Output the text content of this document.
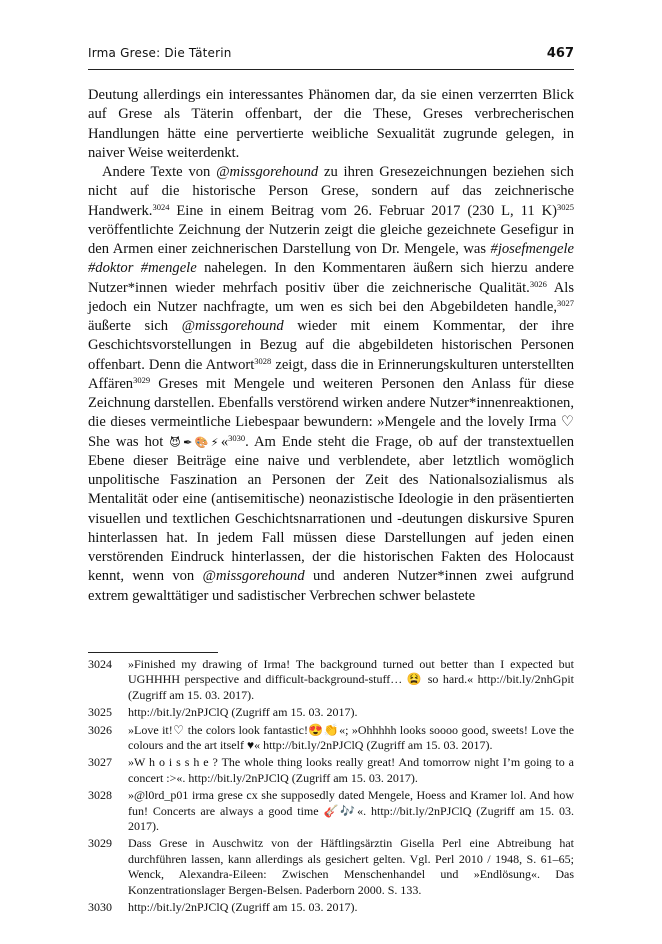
Irma Grese: Die Täterin	467

Deutung allerdings ein interessantes Phänomen dar, da sie einen verzerrten Blick auf Grese als Täterin offenbart, der die These, Greses verbrecherischen Handlungen hätte eine pervertierte weibliche Sexualität zugrunde gelegen, in naiver Weise weiterdenkt.

Andere Texte von @missgorehound zu ihren Gresezeichnungen beziehen sich nicht auf die historische Person Grese, sondern auf das zeichnerische Handwerk.$^{3024}$ Eine in einem Beitrag vom 26. Februar 2017 (230 L, 11 K)$^{3025}$ veröffentlichte Zeichnung der Nutzerin zeigt die gleiche gezeichnete Gesefigur in den Armen einer zeichnerischen Darstellung von Dr. Mengele, was #josefmengele #doktor #mengele nahelegen. In den Kommentaren äußern sich hierzu andere Nutzer*innen wieder mehrfach positiv über die zeichnerische Qualität.$^{3026}$ Als jedoch ein Nutzer nachfragte, um wen es sich bei den Abgebildeten handle,$^{3027}$ äußerte sich @missgorehound wieder mit einem Kommentar, der ihre Geschichtsvorstellungen in Bezug auf die abgebildeten historischen Personen offenbart. Denn die Antwort$^{3028}$ zeigt, dass die in Erinnerungskulturen unterstellten Affären$^{3029}$ Greses mit Mengele und weiteren Personen den Anlass für diese Zeichnung darstellen. Ebenfalls verstörend wirken andere Nutzer*innenreaktionen, die dieses vermeintliche Liebespaar bewundern: »Mengele and the lovely Irma ♡ She was hot 😈✒🎨⚡«$^{3030}$. Am Ende steht die Frage, ob auf der transtextuellen Ebene dieser Beiträge eine naive und verblendete, aber letztlich womöglich unpolitische Faszination an Personen der Zeit des Nationalsozialismus als Mentalität oder eine (antisemitische) neonazistische Ideologie in den präsentierten visuellen und textlichen Geschichtsnarrationen und -deutungen diskursive Spuren hinterlassen hat. In jedem Fall müssen diese Darstellungen auf jeden einen verstörenden Eindruck hinterlassen, der die historischen Fakten des Holocaust kennt, wenn von @missgorehound und anderen Nutzer*innen zwei aufgrund extrem gewalttätiger und sadistischer Verbrechen schwer belastete

3024 »Finished my drawing of Irma! The background turned out better than I expected but UGHHHH perspective and difficult-background-stuff… 😫 so hard.« http://bit.ly/2nhGpit (Zugriff am 15. 03. 2017).
3025 http://bit.ly/2nPJClQ (Zugriff am 15. 03. 2017).
3026 »Love it!♡ the colors look fantastic!😍👏«; »Ohhhhh looks soooo good, sweets! Love the colours and the art itself ♥« http://bit.ly/2nPJClQ (Zugriff am 15. 03. 2017).
3027 »W h o i s s h e ? The whole thing looks really great! And tomorrow night I’m going to a concert :>«. http://bit.ly/2nPJClQ (Zugriff am 15. 03. 2017).
3028 »@l0rd_p01 irma grese cx she supposedly dated Mengele, Hoess and Kramer lol. And how fun! Concerts are always a good time 🎸🎶«. http://bit.ly/2nPJClQ (Zugriff am 15. 03. 2017).
3029 Dass Grese in Auschwitz von der Häftlingsärztin Gisella Perl eine Abtreibung hat durchführen lassen, kann allerdings als gesichert gelten. Vgl. Perl 2010 / 1948, S. 61–65; Wenck, Alexandra-Eileen: Zwischen Menschenhandel und »Endlösung«. Das Konzentrationslager Bergen-Belsen. Paderborn 2000. S. 133.
3030 http://bit.ly/2nPJClQ (Zugriff am 15. 03. 2017).
